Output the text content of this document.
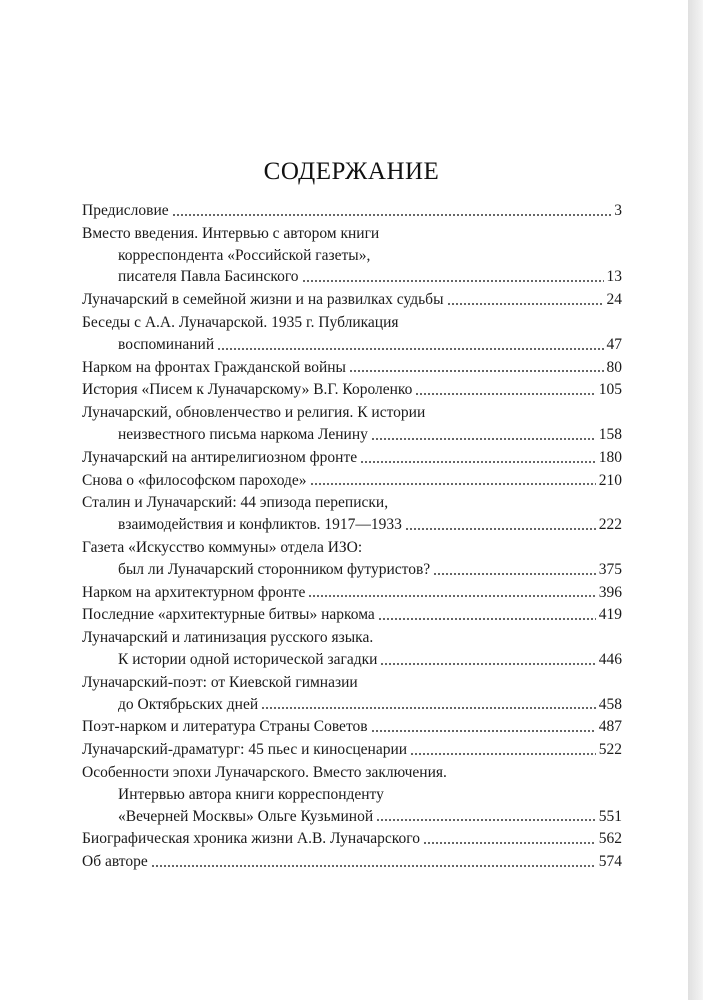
СОДЕРЖАНИЕ
Предисловие	3
Вместо введения. Интервью с автором книги
корреспондента «Российской газеты»,
писателя Павла Басинского	13
Луначарский в семейной жизни и на развилках судьбы	24
Беседы с А.А. Луначарской. 1935 г. Публикация
воспоминаний	47
Нарком на фронтах Гражданской войны	80
История «Писем к Луначарскому» В.Г. Короленко	105
Луначарский, обновленчество и религия. К истории
неизвестного письма наркома Ленину	158
Луначарский на антирелигиозном фронте	180
Снова о «философском пароходе»	210
Сталин и Луначарский: 44 эпизода переписки,
взаимодействия и конфликтов. 1917—1933	222
Газета «Искусство коммуны» отдела ИЗО:
был ли Луначарский сторонником футуристов?	375
Нарком на архитектурном фронте	396
Последние «архитектурные битвы» наркома	419
Луначарский и латинизация русского языка.
К истории одной исторической загадки	446
Луначарский-поэт: от Киевской гимназии
до Октябрьских дней	458
Поэт-нарком и литература Страны Советов	487
Луначарский-драматург: 45 пьес и киносценарии	522
Особенности эпохи Луначарского. Вместо заключения.
Интервью автора книги корреспонденту
«Вечерней Москвы» Ольге Кузьминой	551
Биографическая хроника жизни А.В. Луначарского	562
Об авторе	574
